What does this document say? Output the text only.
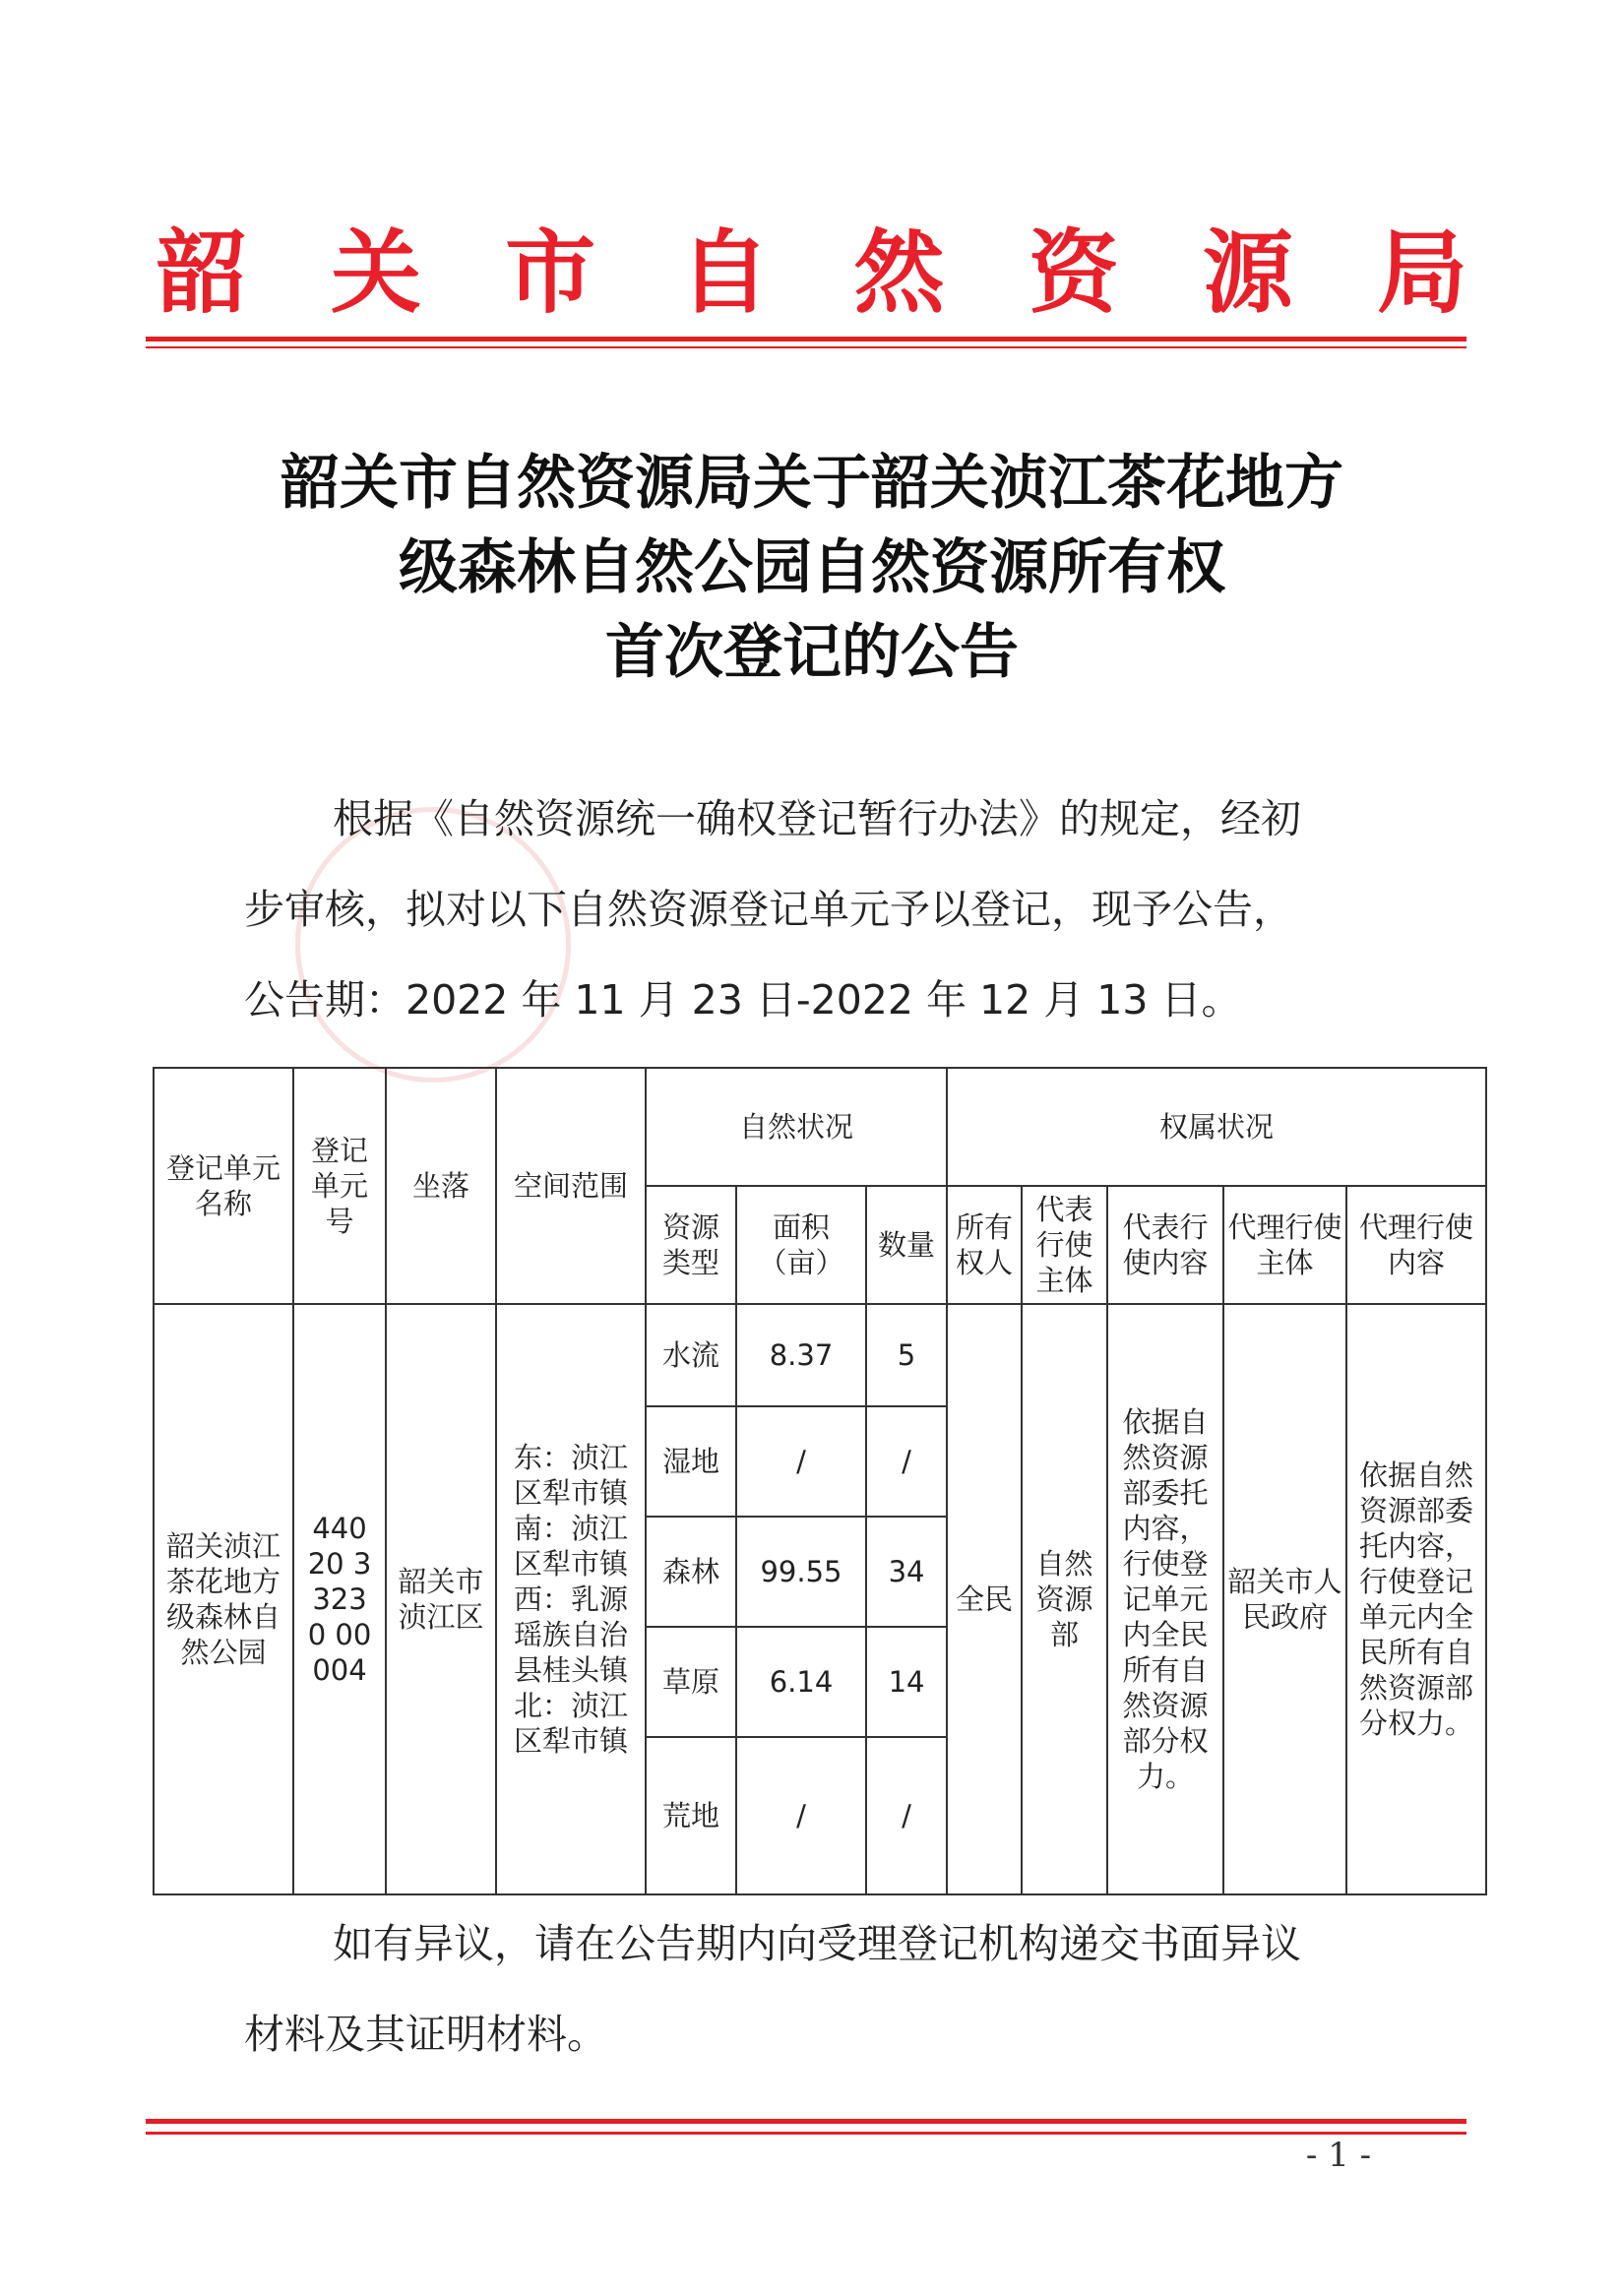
韶 关 市 自 然 资 源 局
韶关市自然资源局关于韶关浈江茶花地方
级森林自然公园自然资源所有权
首次登记的公告

根据《自然资源统一确权登记暂行办法》的规定，经初

步审核，拟对以下自然资源登记单元予以登记，现予公告，

公告期：2022 年 11 月 23 日-2022 年 12 月 13 日。

登记单元名称	登记单元号	坐落	空间范围	自然状况			权属状况				
				资源类型	面积（亩）	数量	所有权人	代表行使主体	代表行使内容	代理行使主体	代理行使内容
韶关浈江茶花地方级森林自然公园	44020 33230 00004	韶关市浈江区	东：浈江区犁市镇 南：浈江区犁市镇 西：乳源瑶族自治县桂头镇 北：浈江区犁市镇	水流	8.37	5	全民	自然资源部	依据自然资源部委托内容，行使登记单元内全民所有自然资源部分权力。	韶关市人民政府	依据自然资源部委托内容，行使登记单元内全民所有自然资源部分权力。
				湿地	/	/					
				森林	99.55	34					
				草原	6.14	14					
				荒地	/	/					

如有异议，请在公告期内向受理登记机构递交书面异议

材料及其证明材料。

- 1 -
